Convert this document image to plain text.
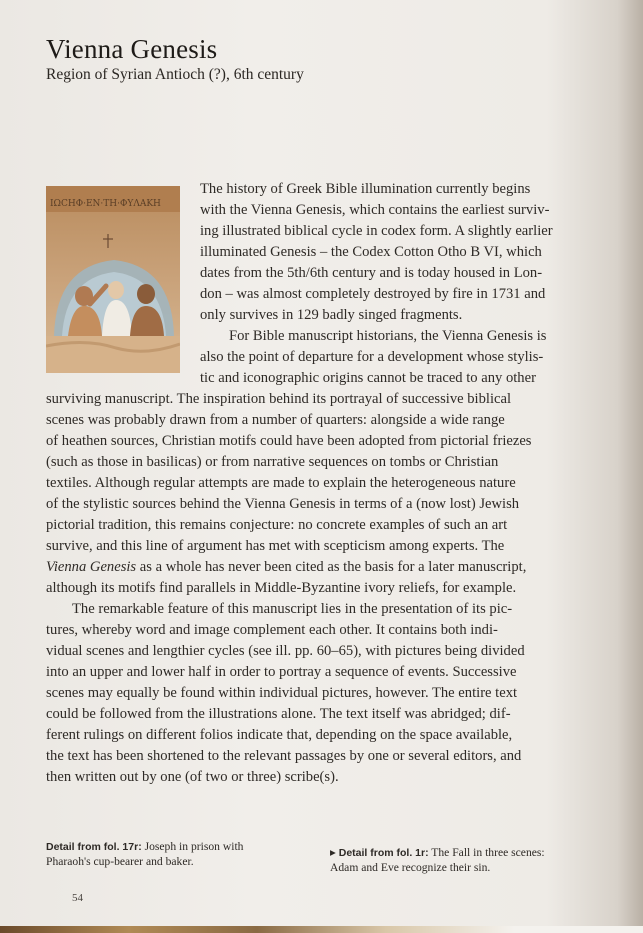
Vienna Genesis
Region of Syrian Antioch (?), 6th century
ΙΩCΗΦ·ΕΝ·ΤΗ·ΦΥΛΑΚΗ
The history of Greek Bible illumination currently begins
with the Vienna Genesis, which contains the earliest surviv-
ing illustrated biblical cycle in codex form. A slightly earlier
illuminated Genesis – the Codex Cotton Otho B VI, which
dates from the 5th/6th century and is today housed in Lon-
don – was almost completely destroyed by fire in 1731 and
only survives in 129 badly singed fragments.
For Bible manuscript historians, the Vienna Genesis is
also the point of departure for a development whose stylis-
tic and iconographic origins cannot be traced to any other
surviving manuscript. The inspiration behind its portrayal of successive biblical
scenes was probably drawn from a number of quarters: alongside a wide range
of heathen sources, Christian motifs could have been adopted from pictorial friezes
(such as those in basilicas) or from narrative sequences on tombs or Christian
textiles. Although regular attempts are made to explain the heterogeneous nature
of the stylistic sources behind the Vienna Genesis in terms of a (now lost) Jewish
pictorial tradition, this remains conjecture: no concrete examples of such an art
survive, and this line of argument has met with scepticism among experts. The
Vienna Genesis as a whole has never been cited as the basis for a later manuscript,
although its motifs find parallels in Middle-Byzantine ivory reliefs, for example.
The remarkable feature of this manuscript lies in the presentation of its pic-
tures, whereby word and image complement each other. It contains both indi-
vidual scenes and lengthier cycles (see ill. pp. 60–65), with pictures being divided
into an upper and lower half in order to portray a sequence of events. Successive
scenes may equally be found within individual pictures, however. The entire text
could be followed from the illustrations alone. The text itself was abridged; dif-
ferent rulings on different folios indicate that, depending on the space available,
the text has been shortened to the relevant passages by one or several editors, and
then written out by one (of two or three) scribe(s).
Detail from fol. 17r: Joseph in prison with
Pharaoh's cup-bearer and baker.
▸ Detail from fol. 1r: The Fall in three scenes:
Adam and Eve recognize their sin.
54
